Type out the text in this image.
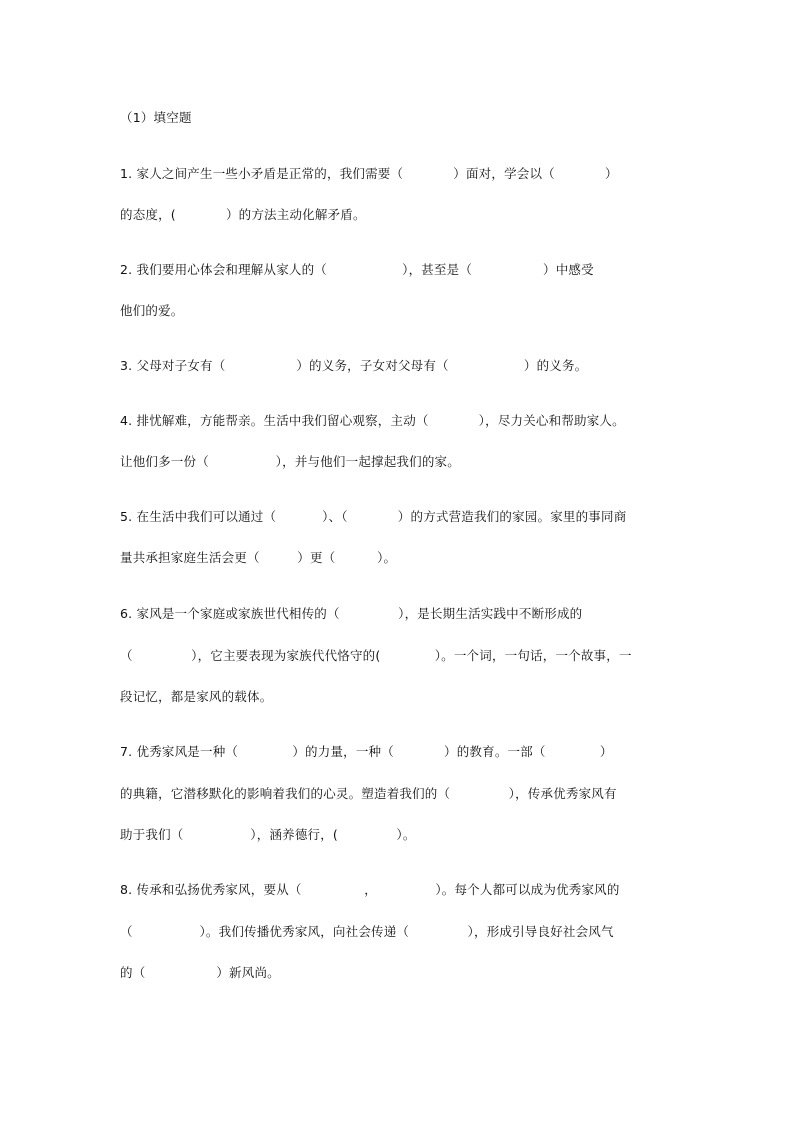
（1）填空题
1. 家人之间产生一些小矛盾是正常的，我们需要（            ）面对，学会以（            ）
的态度，(            ）的方法主动化解矛盾。
2. 我们要用心体会和理解从家人的（                  ），甚至是（                 ）中感受
他们的爱。
3. 父母对子女有（                 ）的义务，子女对父母有（                  ）的义务。
4. 排忧解难，方能帮亲。生活中我们留心观察，主动（            ），尽力关心和帮助家人。
让他们多一份（                ），并与他们一起撑起我们的家。
5. 在生活中我们可以通过（           ）、（            ）的方式营造我们的家园。家里的事同商
量共承担家庭生活会更（         ）更（          ）。
6. 家风是一个家庭或家族世代相传的（              ），是长期生活实践中不断形成的
（              ），它主要表现为家族代代恪守的(             ）。一个词，一句话，一个故事，一
段记忆，都是家风的载体。
7. 优秀家风是一种（             ）的力量，一种（            ）的教育。一部（             ）
的典籍，它潜移默化的影响着我们的心灵。塑造着我们的（              ），传承优秀家风有
助于我们（                ），涵养德行，(              ）。
8. 传承和弘扬优秀家风，要从（               ，              ）。每个人都可以成为优秀家风的
（                ）。我们传播优秀家风，向社会传递（              ），形成引导良好社会风气
的（                 ）新风尚。
